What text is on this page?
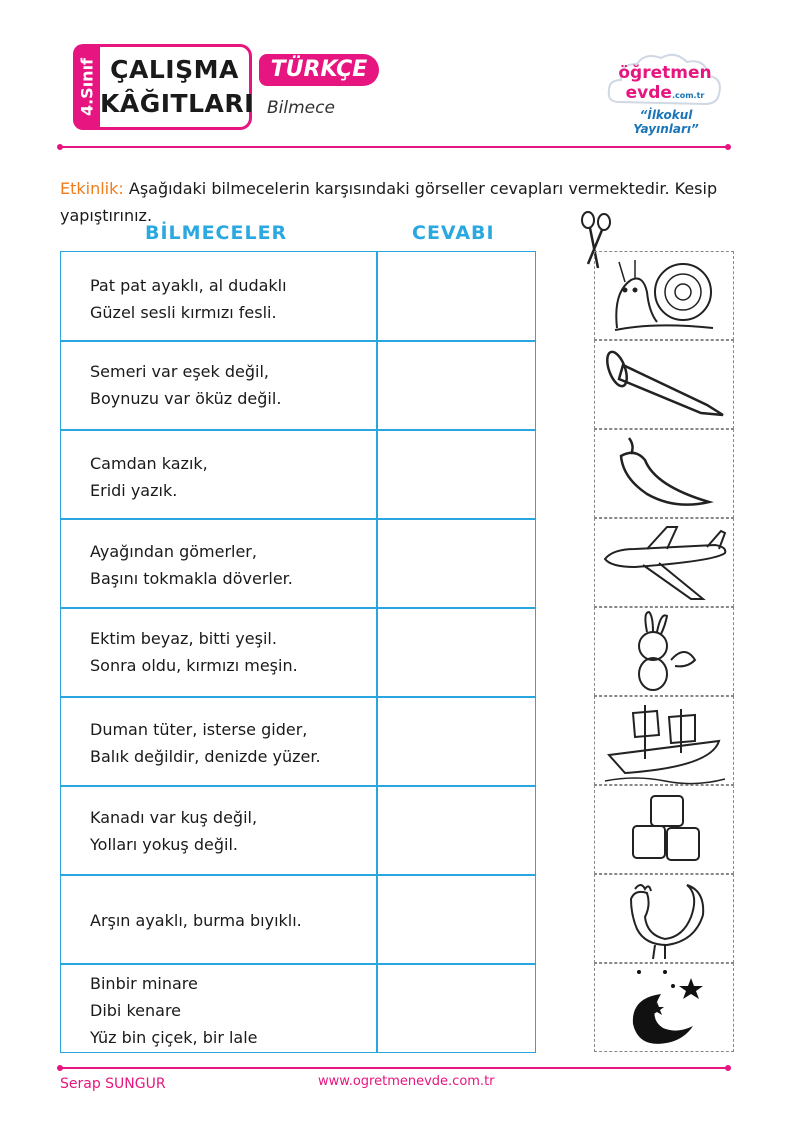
4.Sınıf ÇALIŞMA
KÂĞITLARI
TÜRKÇE
Bilmece
öğretmen evde.com.tr
“İlkokul Yayınları”
Etkinlik: Aşağıdaki bilmecelerin karşısındaki görseller cevapları vermektedir. Kesip yapıştırınız.
BİLMECELER	CEVABI
Pat pat ayaklı, al dudaklı
Güzel sesli kırmızı fesli.
Semeri var eşek değil,
Boynuzu var öküz değil.
Camdan kazık,
Eridi yazık.
Ayağından gömerler,
Başını tokmakla döverler.
Ektim beyaz, bitti yeşil.
Sonra oldu, kırmızı meşin.
Duman tüter, isterse gider,
Balık değildir, denizde yüzer.
Kanadı var kuş değil,
Yolları yokuş değil.
Arşın ayaklı, burma bıyıklı.
Binbir minare
Dibi kenare
Yüz bin çiçek, bir lale
Serap SUNGUR	www.ogretmenevde.com.tr
